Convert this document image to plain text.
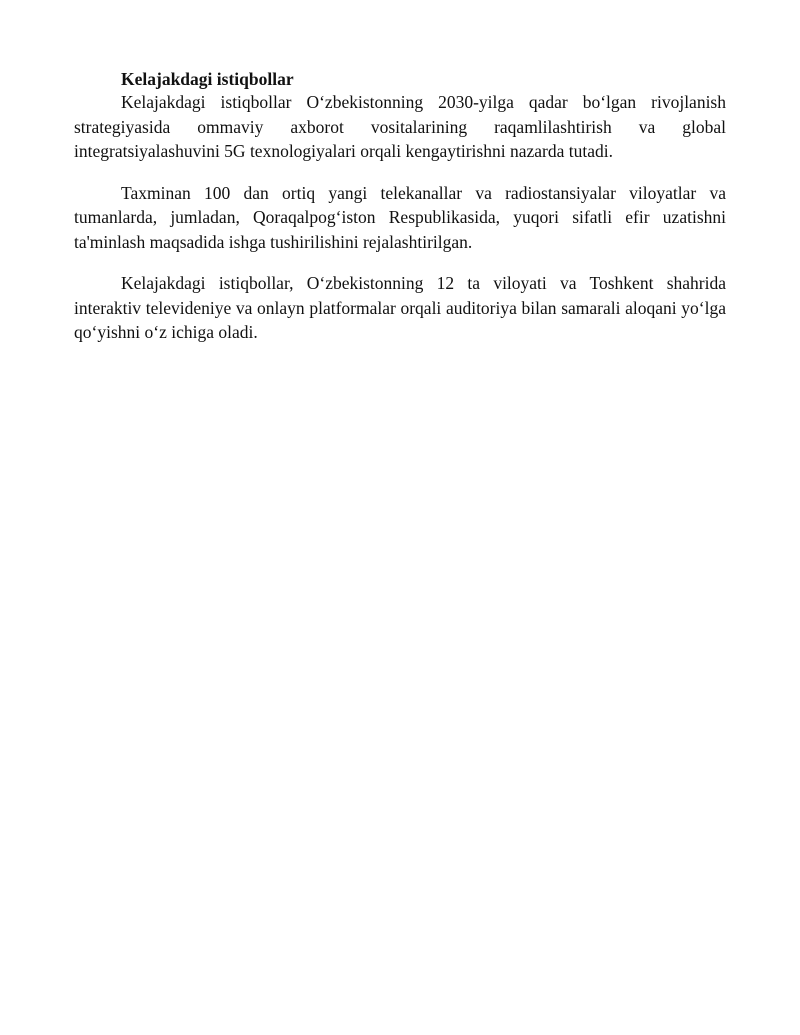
Kelajakdagi istiqbollar

Kelajakdagi istiqbollar O‘zbekistonning 2030-yilga qadar bo‘lgan rivojlanish strategiyasida ommaviy axborot vositalarining raqamlilashtirish va global integratsiyalashuvini 5G texnologiyalari orqali kengaytirishni nazarda tutadi.

Taxminan 100 dan ortiq yangi telekanallar va radiostansiyalar viloyatlar va tumanlarda, jumladan, Qoraqalpog‘iston Respublikasida, yuqori sifatli efir uzatishni ta'minlash maqsadida ishga tushirilishini rejalashtirilgan.

Kelajakdagi istiqbollar, O‘zbekistonning 12 ta viloyati va Toshkent shahrida interaktiv televideniye va onlayn platformalar orqali auditoriya bilan samarali aloqani yo‘lga qo‘yishni o‘z ichiga oladi.
